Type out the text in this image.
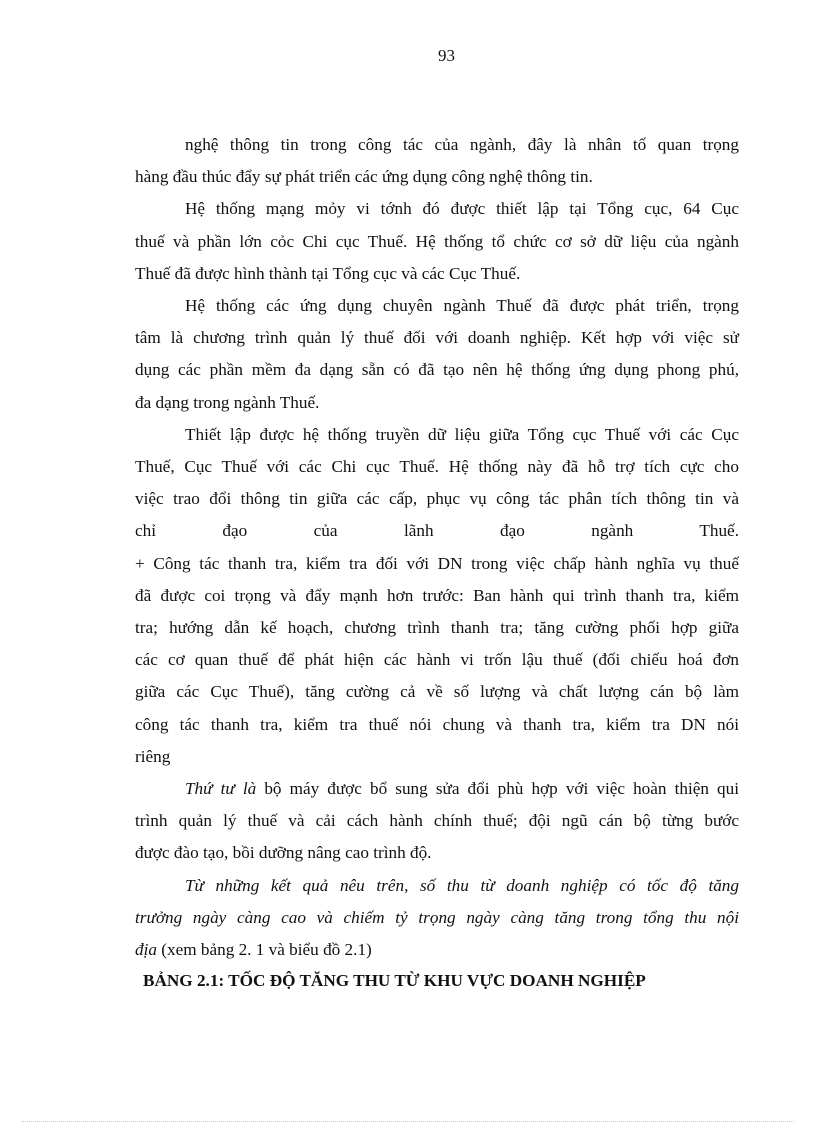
93
nghệ thông tin trong công tác của ngành, đây là nhân tố quan trọng
hàng đầu thúc đẩy sự phát triển các ứng dụng công nghệ thông tin.
Hệ thống mạng mỏy vi tớnh đó được thiết lập tại Tổng cục, 64 Cục
thuế và phần lớn cỏc Chi cục Thuế. Hệ thống tổ chức cơ sở dữ liệu của ngành
Thuế đã được hình thành tại Tổng cục và các Cục Thuế.
Hệ thống các ứng dụng chuyên ngành Thuế đã được phát triển, trọng
tâm là chương trình quản lý thuế đối với doanh nghiệp. Kết hợp với việc sử
dụng các phần mềm đa dạng sẵn có đã tạo nên hệ thống ứng dụng phong phú,
đa dạng trong ngành Thuế.
Thiết lập được hệ thống truyền dữ liệu giữa Tổng cục Thuế với các Cục
Thuế, Cục Thuế với các Chi cục Thuế. Hệ thống này đã hỗ trợ tích cực cho
việc trao đổi thông tin giữa các cấp, phục vụ công tác phân tích thông tin và
chỉ đạo của lãnh đạo ngành Thuế.
+ Công tác thanh tra, kiểm tra đối với DN trong việc chấp hành nghĩa vụ thuế
đã được coi trọng và đẩy mạnh hơn trước: Ban hành qui trình thanh tra, kiểm
tra; hướng dẫn kế hoạch, chương trình thanh tra; tăng cường phối hợp giữa
các cơ quan thuế để phát hiện các hành vi trốn lậu thuế (đối chiếu hoá đơn
giữa các Cục Thuế), tăng cường cả về số lượng và chất lượng cán bộ làm
công tác thanh tra, kiểm tra thuế nói chung và thanh tra, kiểm tra DN nói
riêng
Thứ tư là bộ máy được bổ sung sửa đổi phù hợp với việc hoàn thiện qui
trình quản lý thuế và cải cách hành chính thuế; đội ngũ cán bộ từng bước
được đào tạo, bồi dưỡng nâng cao trình độ.
Từ những kết quả nêu trên, số thu từ doanh nghiệp có tốc độ tăng
trưởng ngày càng cao và chiếm tỷ trọng ngày càng tăng trong tổng thu nội
địa (xem bảng 2. 1 và biểu đồ 2.1)
BẢNG 2.1: TỐC ĐỘ TĂNG THU TỪ KHU VỰC DOANH NGHIỆP
